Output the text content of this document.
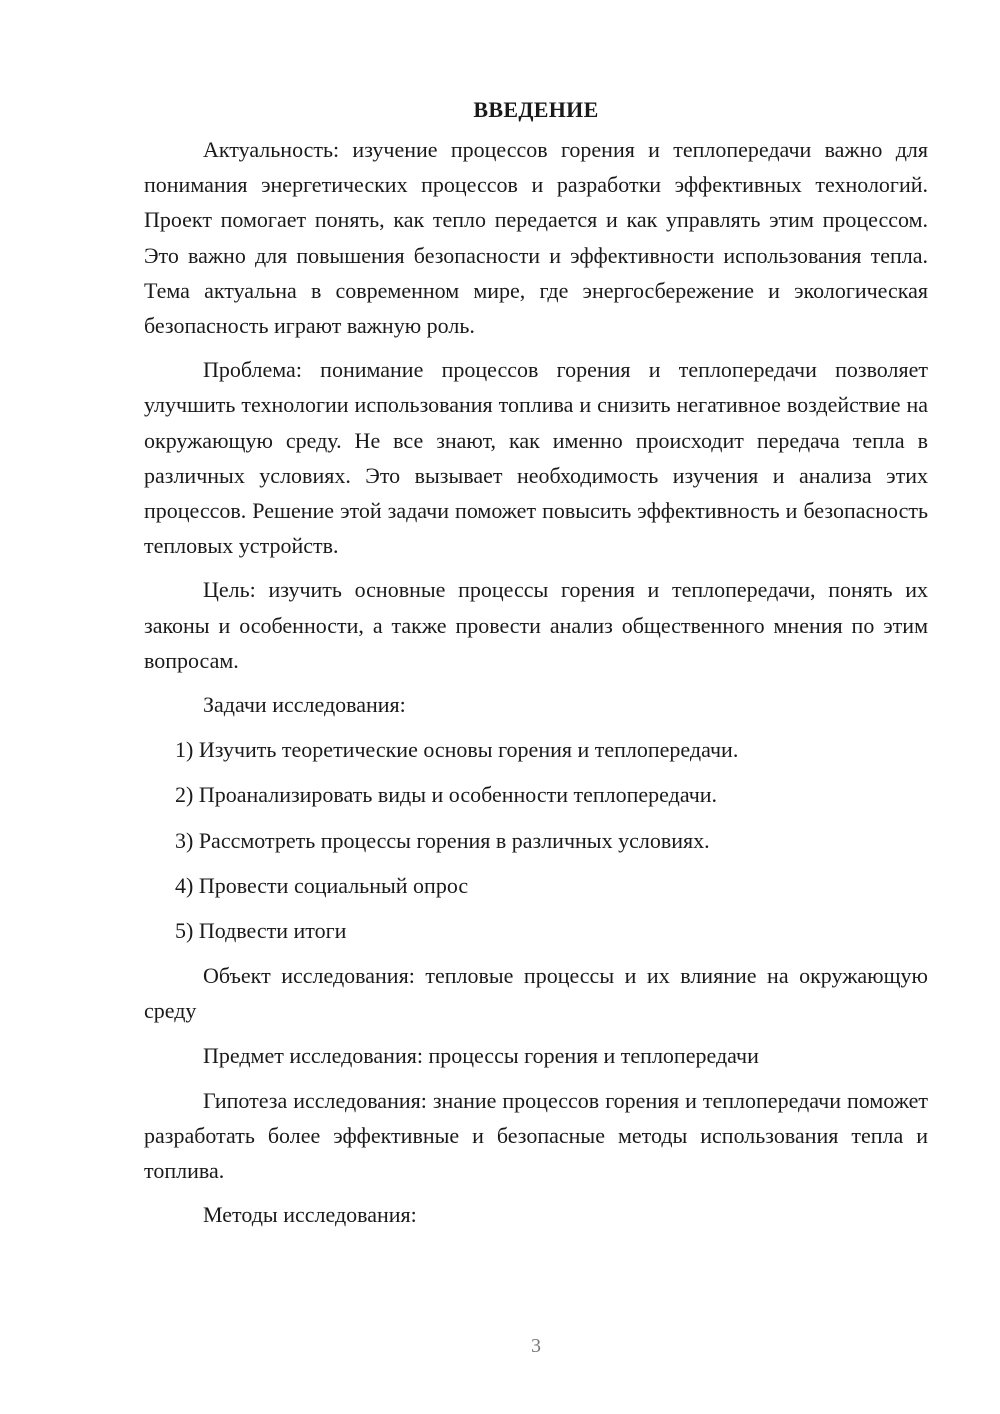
ВВЕДЕНИЕ

Актуальность: изучение процессов горения и теплопередачи важно для понимания энергетических процессов и разработки эффективных технологий. Проект помогает понять, как тепло передается и как управлять этим процессом. Это важно для повышения безопасности и эффективности использования тепла. Тема актуальна в современном мире, где энергосбережение и экологическая безопасность играют важную роль.

Проблема: понимание процессов горения и теплопередачи позволяет улучшить технологии использования топлива и снизить негативное воздействие на окружающую среду. Не все знают, как именно происходит передача тепла в различных условиях. Это вызывает необходимость изучения и анализа этих процессов. Решение этой задачи поможет повысить эффективность и безопасность тепловых устройств.

Цель: изучить основные процессы горения и теплопередачи, понять их законы и особенности, а также провести анализ общественного мнения по этим вопросам.

Задачи исследования:

1) Изучить теоретические основы горения и теплопередачи.

2) Проанализировать виды и особенности теплопередачи.

3) Рассмотреть процессы горения в различных условиях.

4) Провести социальный опрос

5) Подвести итоги

Объект исследования: тепловые процессы и их влияние на окружающую среду

Предмет исследования: процессы горения и теплопередачи

Гипотеза исследования: знание процессов горения и теплопередачи поможет разработать более эффективные и безопасные методы использования тепла и топлива.

Методы исследования:

3
